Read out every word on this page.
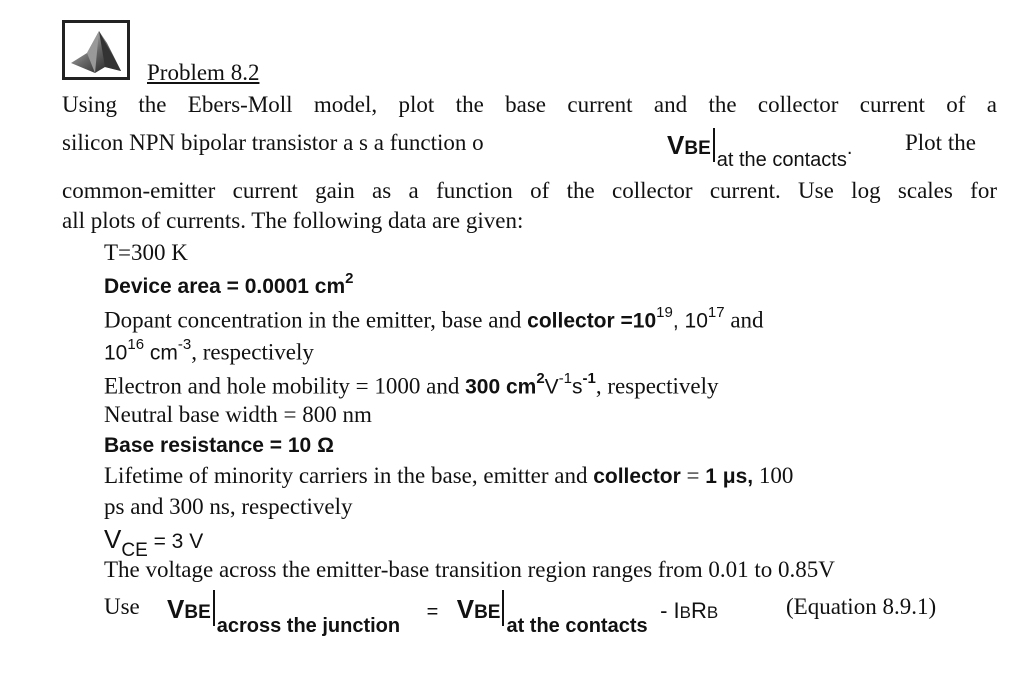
Problem 8.2
Using the Ebers-Moll model, plot the base current and the collector current of a
silicon NPN bipolar transistor a s a function o	VBEat the contacts. Plot the
common-emitter current gain as a function of the collector current. Use log scales for
all plots of currents. The following data are given:
T=300 K
Device area = 0.0001 $cm^2$
Dopant concentration in the emitter, base and collector $=10^{19}$, $10^{17}$ and
$10^{16}$ $cm^{-3}$, respectively
Electron and hole mobility = 1000 and 300 $cm^2V^{-1}s^{-1}$, respectively
Neutral base width = 800 nm
Base resistance = 10 Ω
Lifetime of minority carriers in the base, emitter and collector = 1 μs, 100
ps and 300 ns, respectively
$V_{CE} = 3$ V
The voltage across the emitter-base transition region ranges from 0.01 to 0.85V
Use VBEacross the junction = VBEat the contacts - IBRB	(Equation 8.9.1)
